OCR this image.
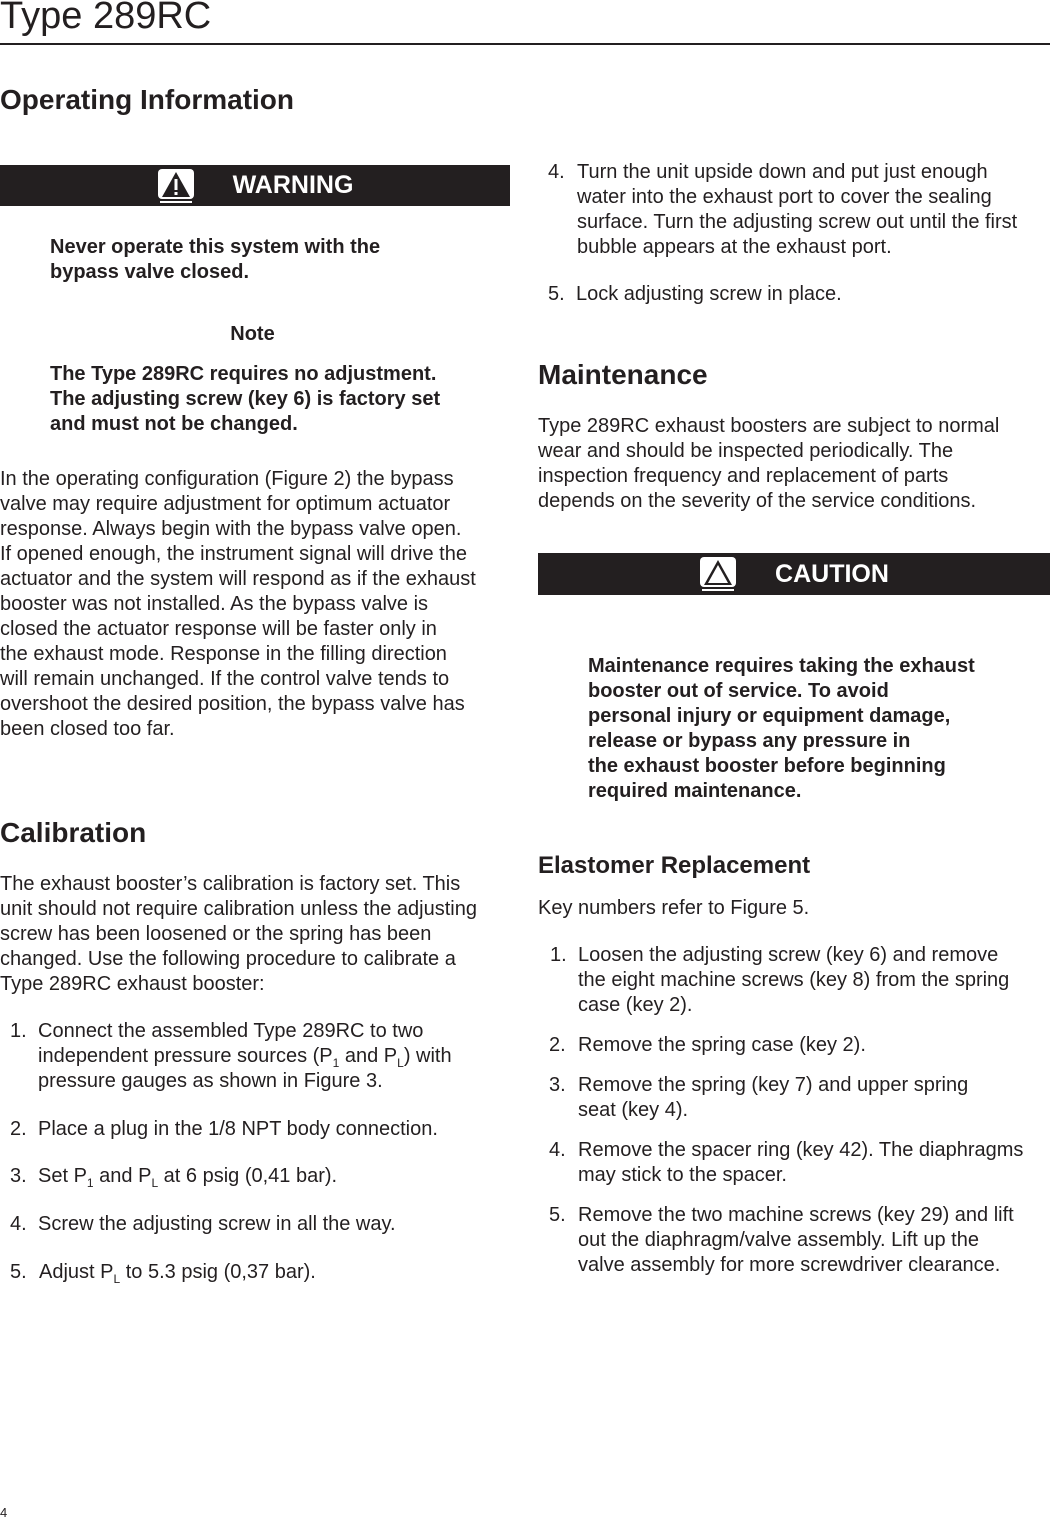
Type 289RC
Operating Information
WARNING
Never operate this system with the
bypass valve closed.
Note
The Type 289RC requires no adjustment.
The adjusting screw (key 6) is factory set
and must not be changed.
In the operating configuration (Figure 2) the bypass
valve may require adjustment for optimum actuator
response. Always begin with the bypass valve open.
If opened enough, the instrument signal will drive the
actuator and the system will respond as if the exhaust
booster was not installed. As the bypass valve is
closed the actuator response will be faster only in
the exhaust mode. Response in the filling direction
will remain unchanged. If the control valve tends to
overshoot the desired position, the bypass valve has
been closed too far.
Calibration
The exhaust booster’s calibration is factory set. This
unit should not require calibration unless the adjusting
screw has been loosened or the spring has been
changed. Use the following procedure to calibrate a
Type 289RC exhaust booster:
1. Connect the assembled Type 289RC to two
independent pressure sources ($P_1$ and $P_L$) with
pressure gauges as shown in Figure 3.
2. Place a plug in the 1/8 NPT body connection.
3. Set $P_1$ and $P_L$ at 6 psig (0,41 bar).
4. Screw the adjusting screw in all the way.
5. Adjust $P_L$ to 5.3 psig (0,37 bar).
4. Turn the unit upside down and put just enough
water into the exhaust port to cover the sealing
surface. Turn the adjusting screw out until the first
bubble appears at the exhaust port.
5. Lock adjusting screw in place.
Maintenance
Type 289RC exhaust boosters are subject to normal
wear and should be inspected periodically. The
inspection frequency and replacement of parts
depends on the severity of the service conditions.
CAUTION
Maintenance requires taking the exhaust
booster out of service. To avoid
personal injury or equipment damage,
release or bypass any pressure in
the exhaust booster before beginning
required maintenance.
Elastomer Replacement
Key numbers refer to Figure 5.
1. Loosen the adjusting screw (key 6) and remove
the eight machine screws (key 8) from the spring
case (key 2).
2. Remove the spring case (key 2).
3. Remove the spring (key 7) and upper spring
seat (key 4).
4. Remove the spacer ring (key 42). The diaphragms
may stick to the spacer.
5. Remove the two machine screws (key 29) and lift
out the diaphragm/valve assembly. Lift up the
valve assembly for more screwdriver clearance.
4
